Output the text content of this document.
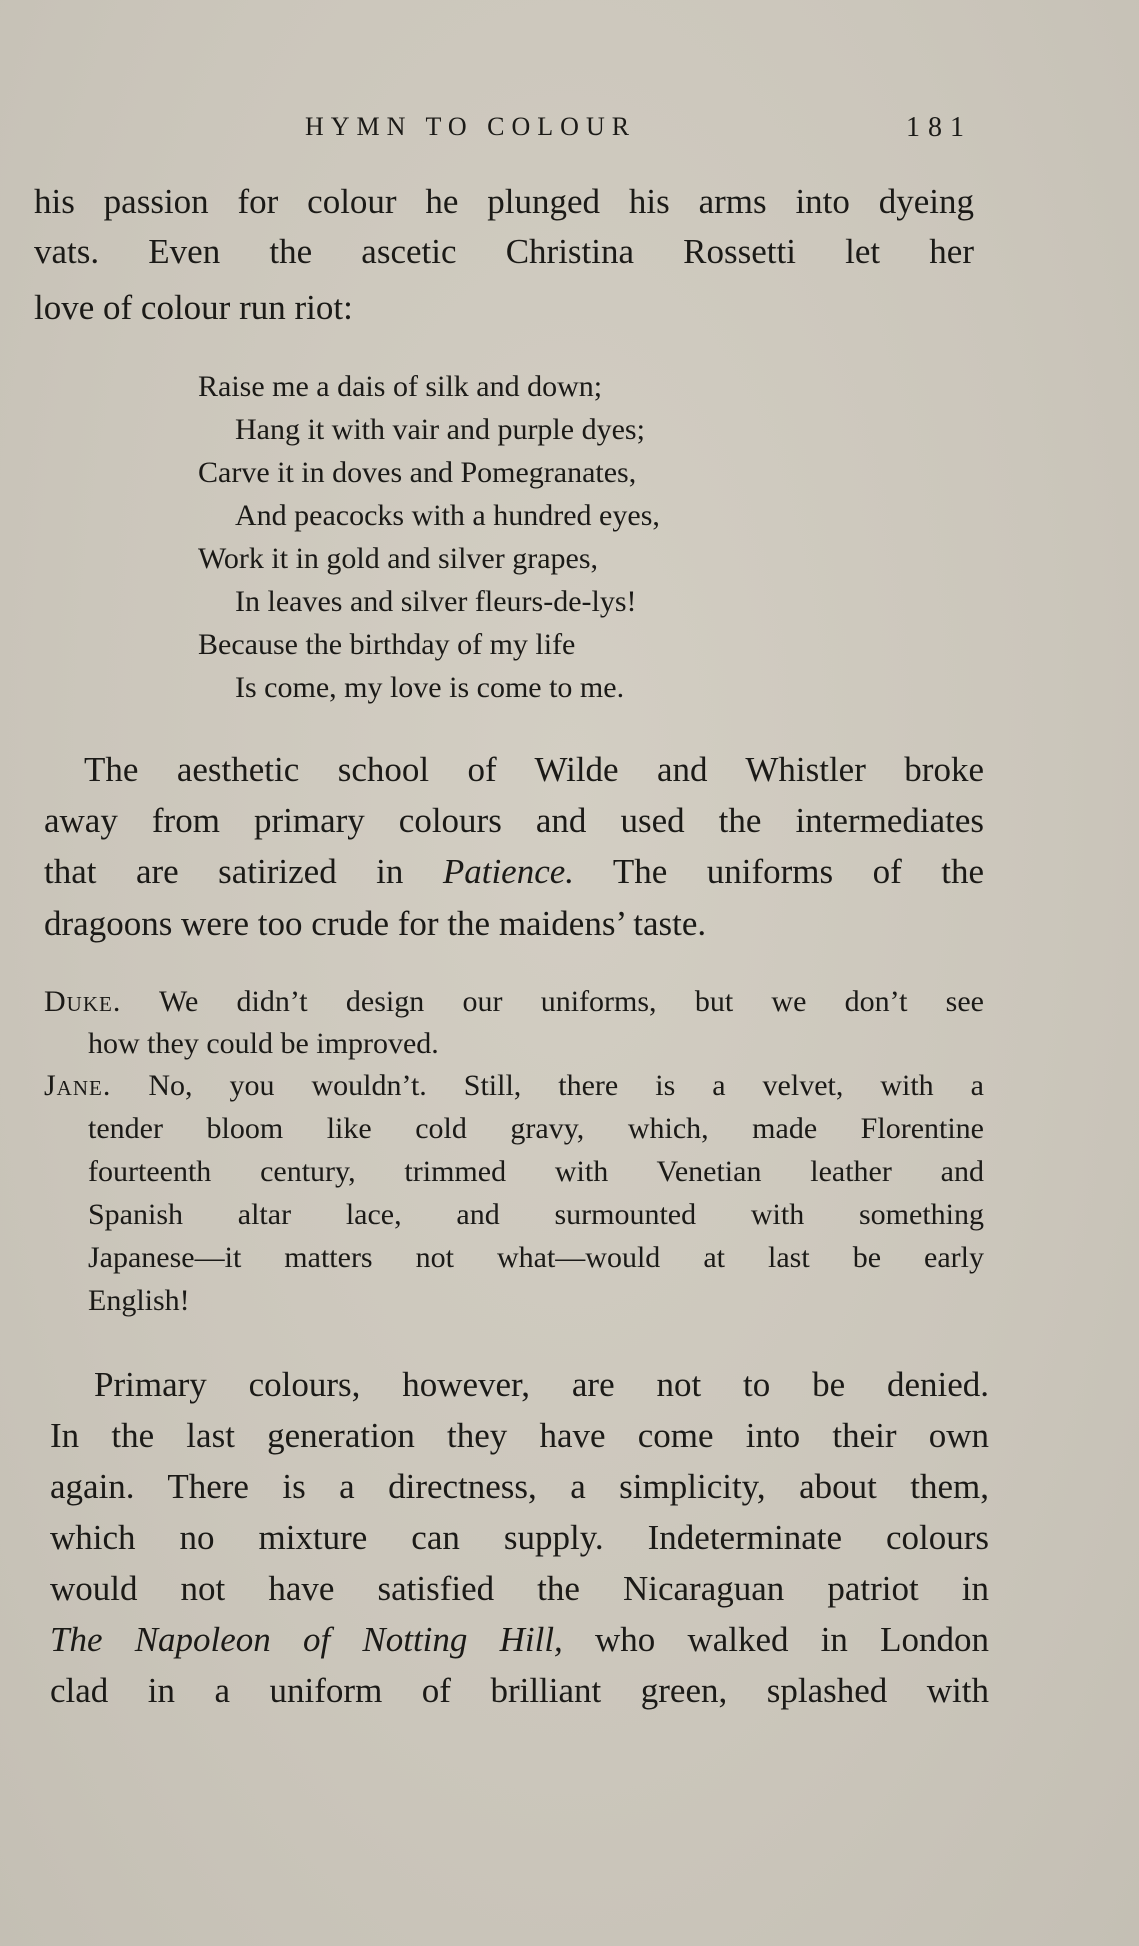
HYMN TO COLOUR	181
his passion for colour he plunged his arms into dyeing
vats. Even the ascetic Christina Rossetti let her
love of colour run riot:
Raise me a dais of silk and down;
Hang it with vair and purple dyes;
Carve it in doves and Pomegranates,
And peacocks with a hundred eyes,
Work it in gold and silver grapes,
In leaves and silver fleurs-de-lys!
Because the birthday of my life
Is come, my love is come to me.
The aesthetic school of Wilde and Whistler broke
away from primary colours and used the intermediates
that are satirized in Patience. The uniforms of the
dragoons were too crude for the maidens’ taste.
Duke. We didn’t design our uniforms, but we don’t see
how they could be improved.
Jane. No, you wouldn’t. Still, there is a velvet, with a
tender bloom like cold gravy, which, made Florentine
fourteenth century, trimmed with Venetian leather and
Spanish altar lace, and surmounted with something
Japanese—it matters not what—would at last be early
English!
Primary colours, however, are not to be denied.
In the last generation they have come into their own
again. There is a directness, a simplicity, about them,
which no mixture can supply. Indeterminate colours
would not have satisfied the Nicaraguan patriot in
The Napoleon of Notting Hill, who walked in London
clad in a uniform of brilliant green, splashed with
